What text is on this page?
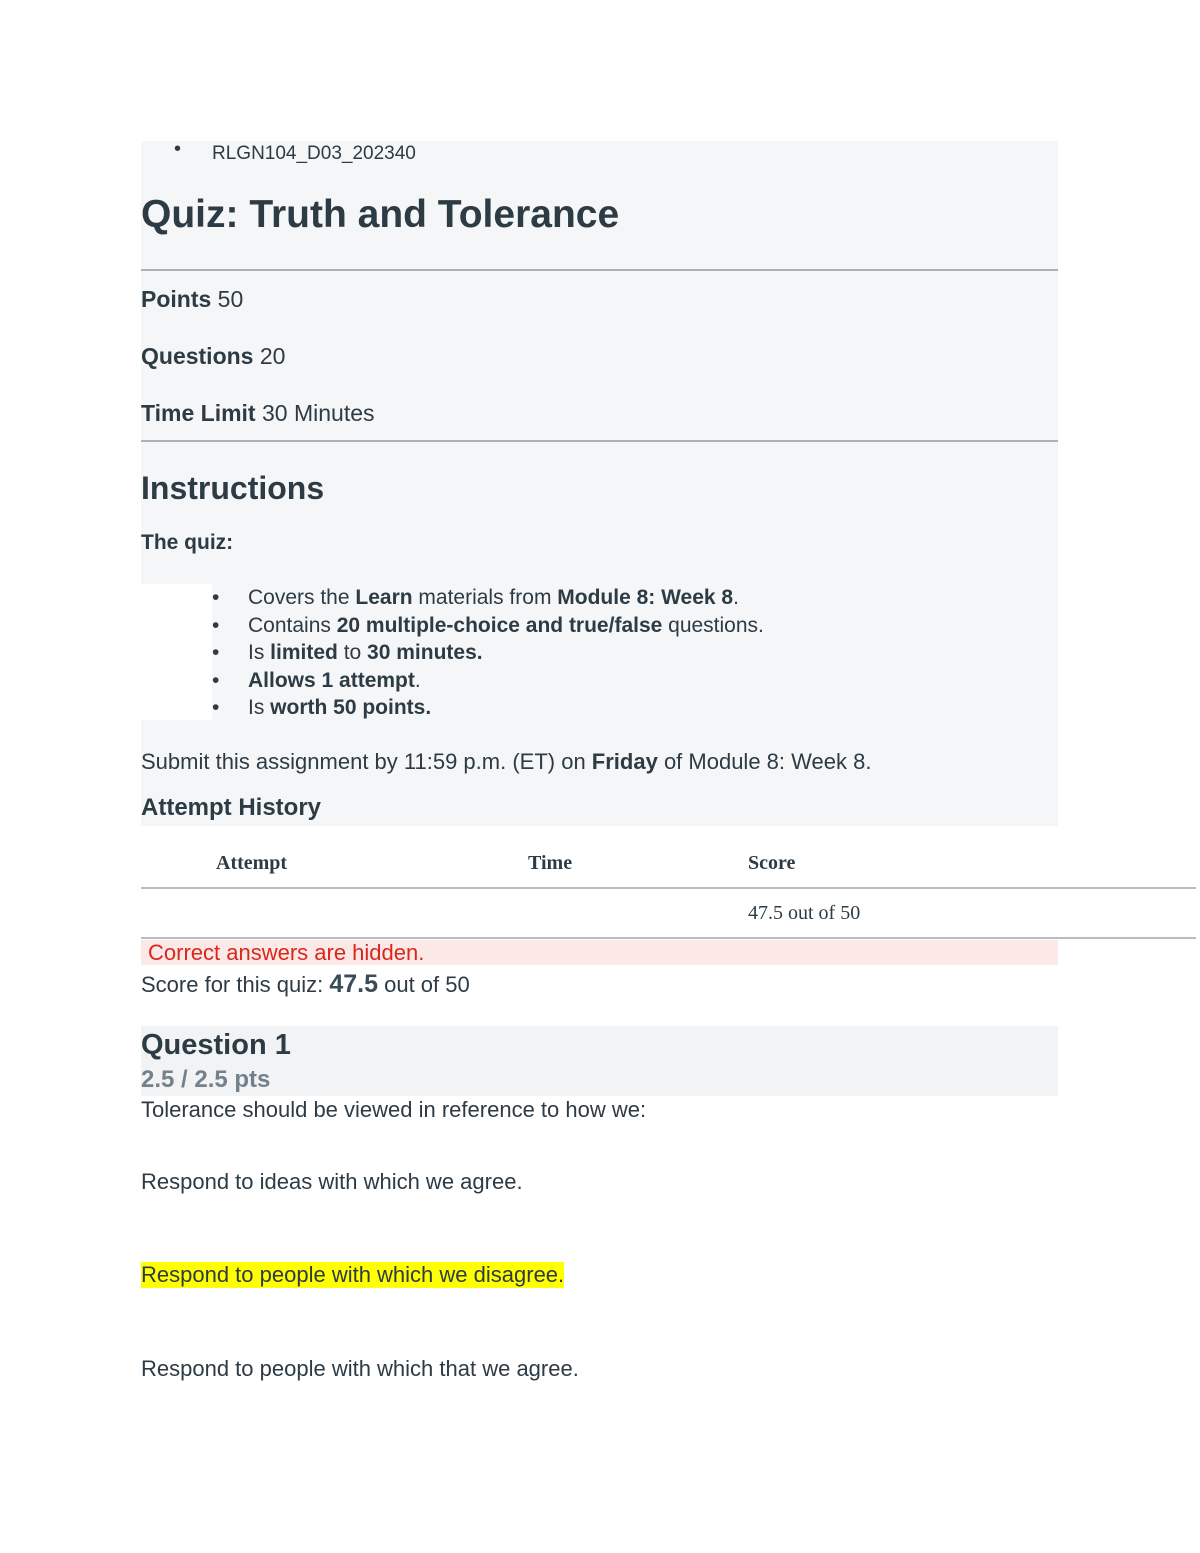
• RLGN104_D03_202340
Quiz: Truth and Tolerance
Points 50
Questions 20
Time Limit 30 Minutes
Instructions
The quiz:
• Covers the Learn materials from Module 8: Week 8.
• Contains 20 multiple-choice and true/false questions.
• Is limited to 30 minutes.
• Allows 1 attempt.
• Is worth 50 points.
Submit this assignment by 11:59 p.m. (ET) on Friday of Module 8: Week 8.
Attempt History
Attempt	Time	Score
47.5 out of 50
Correct answers are hidden.
Score for this quiz: 47.5 out of 50
Question 1
2.5 / 2.5 pts
Tolerance should be viewed in reference to how we:
Respond to ideas with which we agree.
Respond to people with which we disagree.
Respond to people with which that we agree.
